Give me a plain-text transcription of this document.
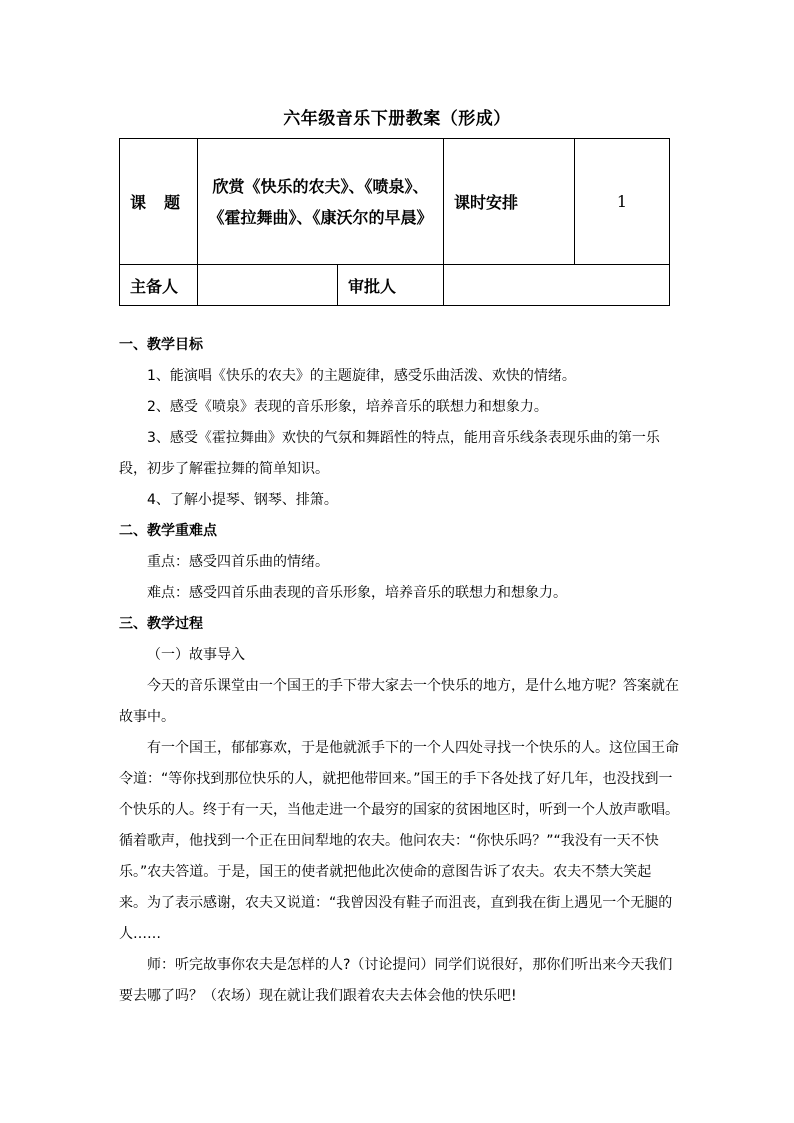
六年级音乐下册教案（形成）
课题	欣赏《快乐的农夫》、《喷泉》、《霍拉舞曲》、《康沃尔的早晨》		课时安排	1
主备人		审批人		

一、教学目标

1、能演唱《快乐的农夫》的主题旋律，感受乐曲活泼、欢快的情绪。

2、感受《喷泉》表现的音乐形象，培养音乐的联想力和想象力。

3、感受《霍拉舞曲》欢快的气氛和舞蹈性的特点，能用音乐线条表现乐曲的第一乐段，初步了解霍拉舞的简单知识。

4、了解小提琴、钢琴、排箫。

二、教学重难点

重点：感受四首乐曲的情绪。

难点：感受四首乐曲表现的音乐形象，培养音乐的联想力和想象力。

三、教学过程

（一）故事导入

今天的音乐课堂由一个国王的手下带大家去一个快乐的地方，是什么地方呢？答案就在故事中。

有一个国王，郁郁寡欢，于是他就派手下的一个人四处寻找一个快乐的人。这位国王命令道：“等你找到那位快乐的人，就把他带回来。”国王的手下各处找了好几年，也没找到一个快乐的人。终于有一天，当他走进一个最穷的国家的贫困地区时，听到一个人放声歌唱。循着歌声，他找到一个正在田间犁地的农夫。他问农夫：“你快乐吗？”“我没有一天不快乐。”农夫答道。于是，国王的使者就把他此次使命的意图告诉了农夫。农夫不禁大笑起来。为了表示感谢，农夫又说道：“我曾因没有鞋子而沮丧，直到我在街上遇见一个无腿的人……

师：听完故事你农夫是怎样的人?（讨论提问）同学们说很好，那你们听出来今天我们要去哪了吗？（农场）现在就让我们跟着农夫去体会他的快乐吧!
